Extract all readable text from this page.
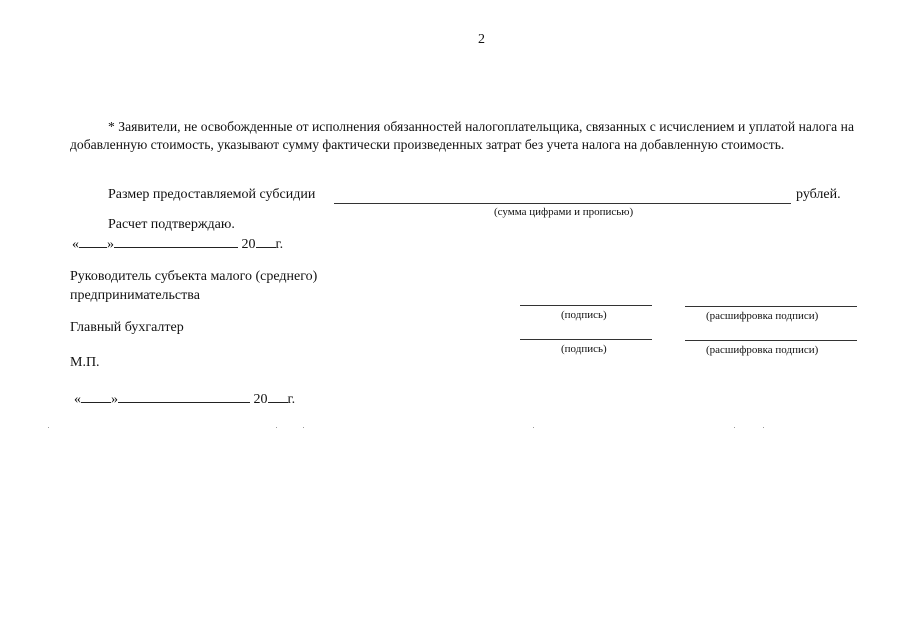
2
* Заявители, не освобожденные от исполнения обязанностей налогоплательщика, связанных с исчислением и уплатой налога на добавленную стоимость, указывают сумму фактически произведенных затрат без учета налога на добавленную стоимость.
Размер предоставляемой субсидии	рублей.
(сумма цифрами и прописью)
Расчет подтверждаю.
« »	20 г.
Руководитель субъекта малого (среднего)
предпринимательства
(подпись)	(расшифровка подписи)
Главный бухгалтер
(подпись)	(расшифровка подписи)
М.П.
« »	20 г.
